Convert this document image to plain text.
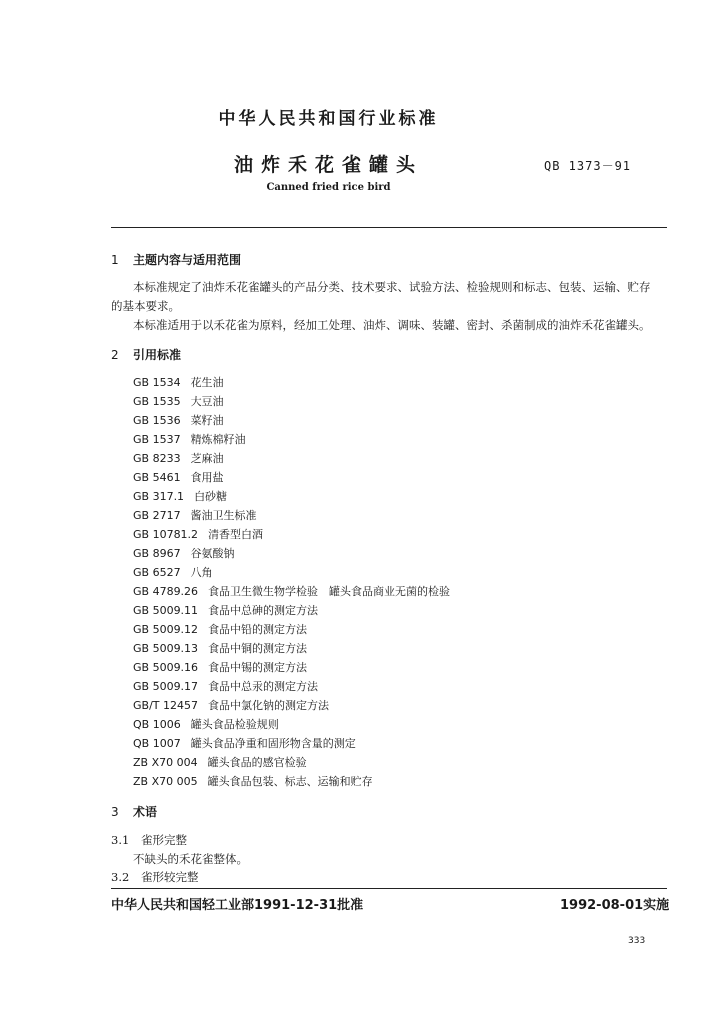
中华人民共和国行业标准
油炸禾花雀罐头	QB 1373－91
Canned fried rice bird
1 主题内容与适用范围
本标准规定了油炸禾花雀罐头的产品分类、技术要求、试验方法、检验规则和标志、包装、运输、贮存
的基本要求。
本标准适用于以禾花雀为原料，经加工处理、油炸、调味、装罐、密封、杀菌制成的油炸禾花雀罐头。
2 引用标准
GB 1534 花生油
GB 1535 大豆油
GB 1536 菜籽油
GB 1537 精炼棉籽油
GB 8233 芝麻油
GB 5461 食用盐
GB 317.1 白砂糖
GB 2717 酱油卫生标准
GB 10781.2 清香型白酒
GB 8967 谷氨酸钠
GB 6527 八角
GB 4789.26 食品卫生微生物学检验　罐头食品商业无菌的检验
GB 5009.11 食品中总砷的测定方法
GB 5009.12 食品中铅的测定方法
GB 5009.13 食品中铜的测定方法
GB 5009.16 食品中锡的测定方法
GB 5009.17 食品中总汞的测定方法
GB/T 12457 食品中氯化钠的测定方法
QB 1006 罐头食品检验规则
QB 1007 罐头食品净重和固形物含量的测定
ZB X70 004 罐头食品的感官检验
ZB X70 005 罐头食品包装、标志、运输和贮存
3 术语
3.1 雀形完整
不缺头的禾花雀整体。
3.2 雀形较完整
中华人民共和国轻工业部1991-12-31批准	1992-08-01实施
333
